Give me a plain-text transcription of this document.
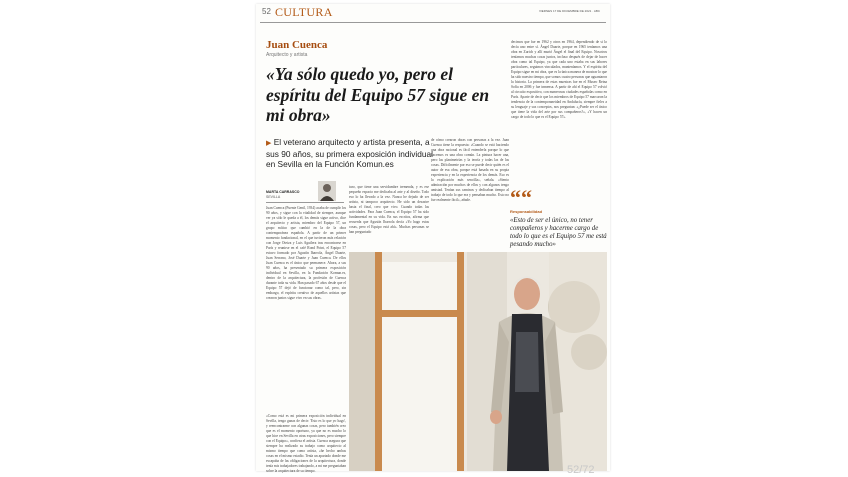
52 CULTURA	VIERNES 17 DE DICIEMBRE DE 2021 · ABC
Juan Cuenca
Arquitecto y artista
«Ya sólo quedo yo, pero el espíritu del Equipo 57 sigue en mi obra»
▶ El veterano arquitecto y artista presenta, a sus 90 años, su primera exposición individual en Sevilla en la Función Komun.es
MARTA CARRASCO
SEVILLA
Juan Cuenca (Puente Genil, 1934) acaba de cumplir los 90 años, y sigue con la vitalidad de siempre, aunque ver ya sólo le queda a él, los demás sigue activo, dice el arquitecto y artista, miembro del Equipo 57, un grupo mítico que cambió en la de la obra contemporánea española. A partir de un primer momento fundacional, en el que tuvieron más relación con Jorge Oteiza y Luis Aguilera tras encontrarse en París y reunirse en el café Rond Point, el Equipo 57 estuvo formado por Agustín Ibarrola, Ángel Duarte, Juan Serrano, José Duarte y Juan Cuenca. De ellos Juan Cuenca es el único que permanece. Ahora, a sus 90 años, ha presentado su primera exposición individual en Sevilla, en la Fundación Komun.es, dentro de la arquitectura, la profesión de Cuenca durante toda su vida. Han pasado 67 años desde que el Equipo 57 dejó de funcionar como tal, pero, sin embargo, el espíritu creativo de aquellos artistas que crearon juntos sigue vivo en sus obras.
«Como está es mi primera exposición individual en Sevilla, tengo ganas de decir: 'Esto es lo que yo hago', y reencontrarme con algunas cosas, pero también creo que es el momento oportuno, ya que no es mucho lo que hice en Sevilla en otras exposiciones, pero siempre con el Equipo», confiesa el artista. Cuenca asegura que siempre ha realizado su trabajo como arquitecto al mismo tiempo que como artista, «he hecho ambas cosas en el mismo estadio. Tenía un apartado donde me escapaba de las obligaciones de la arquitectura, donde tenía mis trabajadores trabajando, a mi me preguntaban sobre la arquitectura de su tiempo.
turo, que tiene una servidumbre tremenda, y es ese pequeño espacio me dedicaba al arte y al diseño. Todo eso lo ha llevado a la vez. Nunca he dejado de ser artista, ni tampoco arquitecto. He sido un desastre hasta el final, creo que vivo. Cuando todas las actividades. Para Juan Cuenca, el Equipo 57 ha sido fundamental en su vida. En sus escritos, afirma que recuerda que Agustín Ibarrola decía «Yo hago estas cosas, pero el Equipo está ahí». Muchas personas se han preguntado
de cómo crearon obras con personas a la vez. Juan Cuenca tiene la respuesta: «Cuando se está haciendo una obra racional es fácil entenderla porque lo que hacemos es una obra común. La pintura hacer una, pero las planimetrías y la teoría y todas las de las cosas. Difícilmente por eso se puede decir quién es el autor de esa obra, porque está basada en su propia experiencia y en la experiencia de los demás. Eso es la explicación más sencilla», señala. «Siento admiración por muchos de ellos y con algunos tengo amistad. Tenían sus caminos y dedicaban tiempo al trabajo de todo lo que era y pensaban mucho. Esto no fue realmente fácil», añade.
decimos que fue en 1962 y otros en 1964, dependiendo de si lo decía uno entre sí. Ángel Duarte, porque en 1965 teníamos una obra en Zurich y allí murió Ángel el final del Equipo. Nosotros teníamos muchas cosas juntos, incluso después de dejar de hacer obra como tal Equipo, ya que cada uno estaba en sus labores particulares, seguimos vinculados, manteníamos. Y el espíritu del Equipo sigue en mi obra, que es la única manera de mostrar lo que ha sido nuestro tiempo, que somos cuatro personas que aguantaron la historia. La primera de estas muestras fue en el Museo Reina Sofía en 2006 y fue inmensa. A partir de ahí el Equipo 57 volvió al circuito expositivo, con numerosas ciudades españolas como en París. Aparte de decir que los miembros de Equipo 57 marcaron la tendencia de la contemporaneidad en Andalucía, siempre fieles a su lenguaje y sus conceptos, nos preguntan: «¿Puede ser el único que tiene la vida del arte por sus compañeros?», «Y hacen un cargo de todo lo que es el Equipo 57».
““
Responsabilidad
«Esto de ser el único, no tener compañeros y hacerme cargo de todo lo que es el Equipo 57 me está pesando mucho»
52/72
